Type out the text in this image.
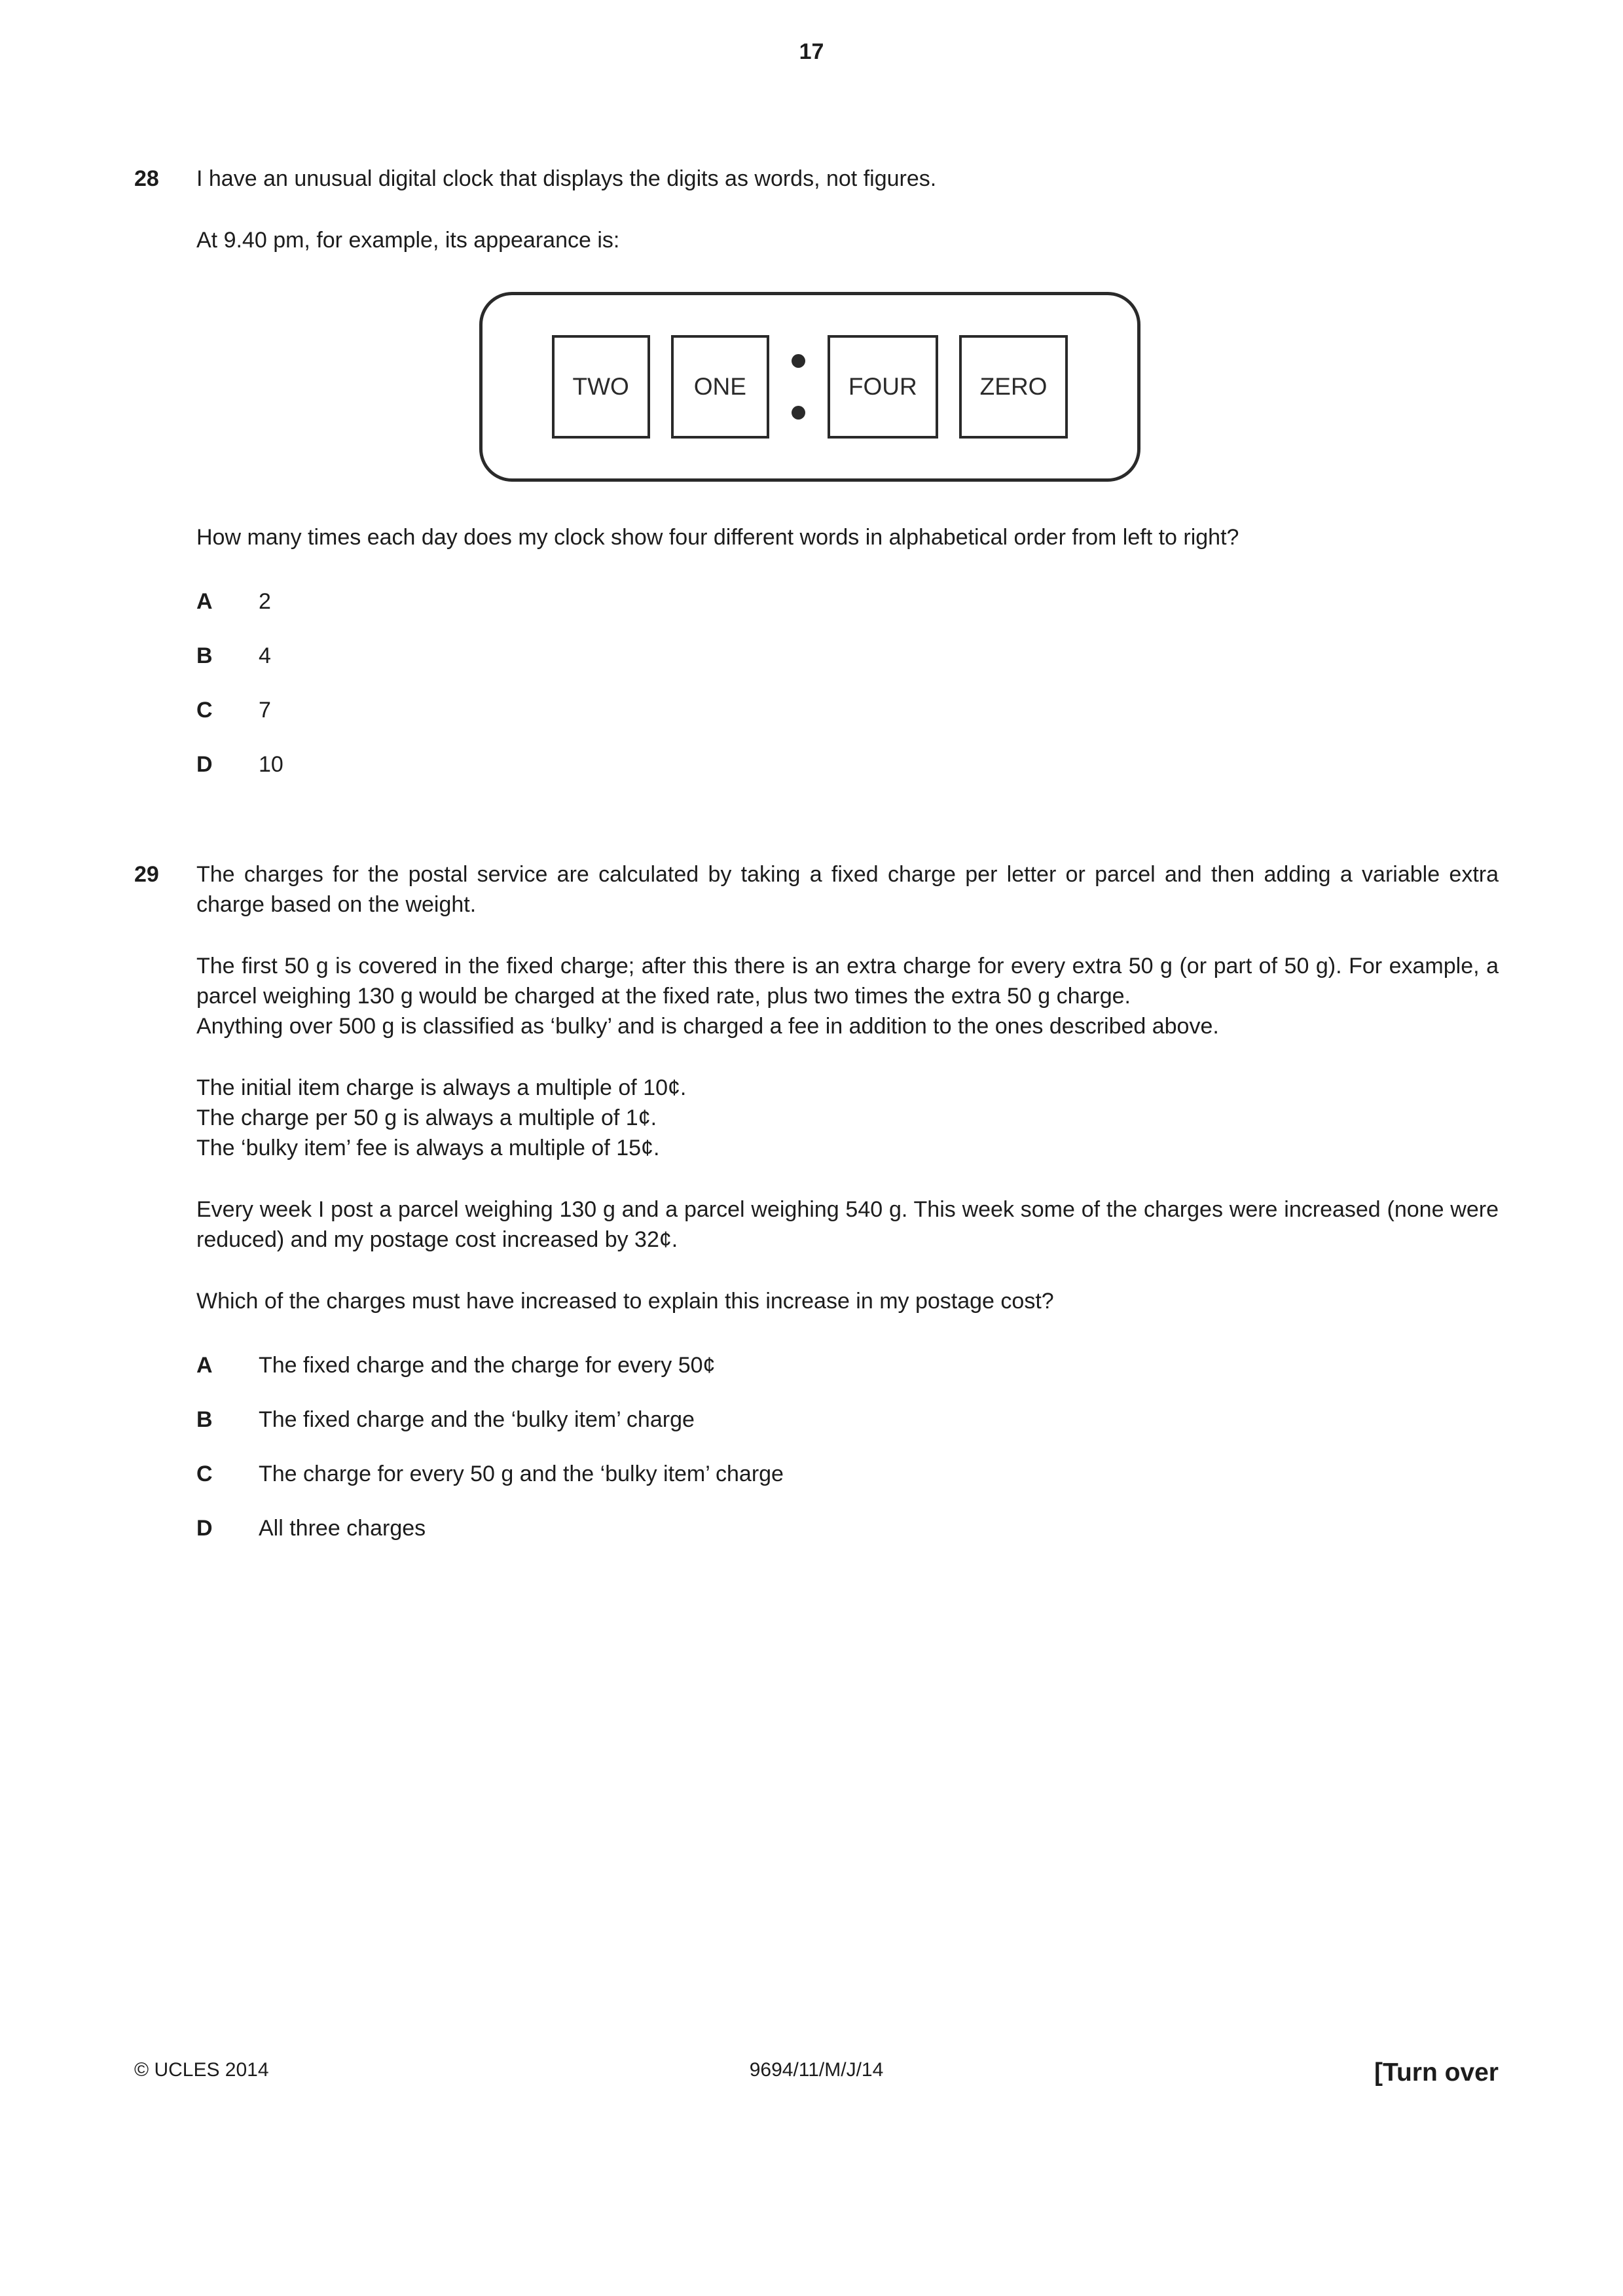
17
28	I have an unusual digital clock that displays the digits as words, not figures.

At 9.40 pm, for example, its appearance is:

TWO	ONE	FOUR	ZERO

How many times each day does my clock show four different words in alphabetical order from left to right?

A	2
B	4
C	7
D	10
29	The charges for the postal service are calculated by taking a fixed charge per letter or parcel and then adding a variable extra charge based on the weight.

The first 50 g is covered in the fixed charge; after this there is an extra charge for every extra 50 g (or part of 50 g). For example, a parcel weighing 130 g would be charged at the fixed rate, plus two times the extra 50 g charge.

Anything over 500 g is classified as ‘bulky’ and is charged a fee in addition to the ones described above.

The initial item charge is always a multiple of 10¢.
The charge per 50 g is always a multiple of 1¢.
The ‘bulky item’ fee is always a multiple of 15¢.

Every week I post a parcel weighing 130 g and a parcel weighing 540 g. This week some of the charges were increased (none were reduced) and my postage cost increased by 32¢.

Which of the charges must have increased to explain this increase in my postage cost?

A	The fixed charge and the charge for every 50¢
B	The fixed charge and the ‘bulky item’ charge
C	The charge for every 50 g and the ‘bulky item’ charge
D	All three charges
© UCLES 2014	9694/11/M/J/14	[Turn over
